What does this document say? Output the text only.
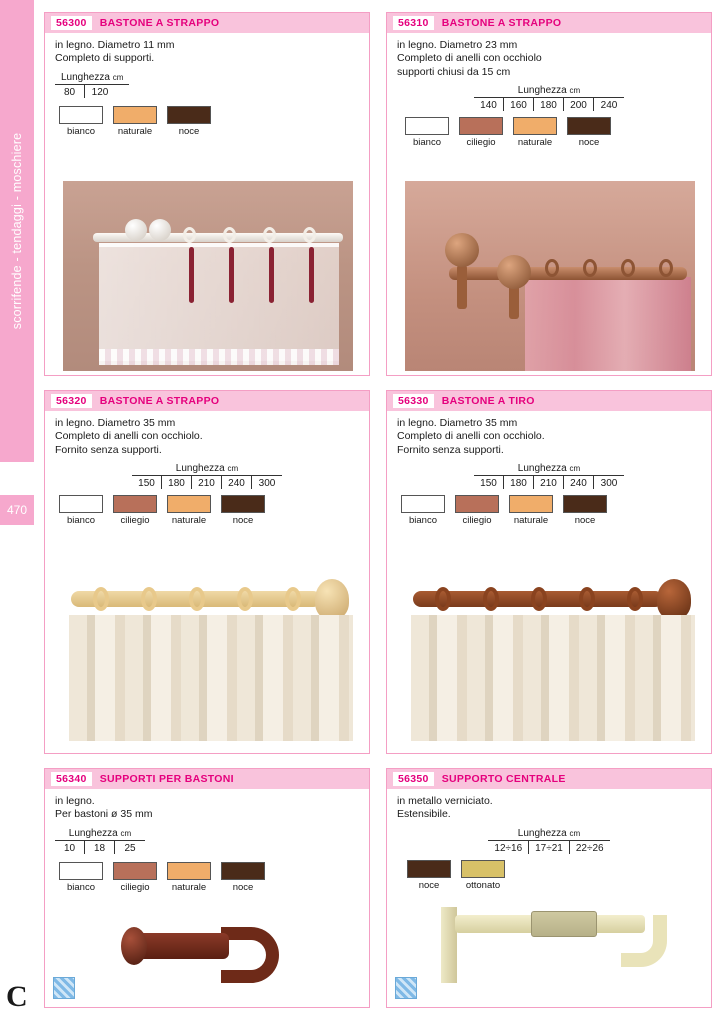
scorrifende - tendaggi - moschiere
470
C
56300	BASTONE A STRAPPO
in legno. Diametro 11 mm
Completo di supporti.
Lunghezza cm
80	120
bianco	naturale	noce
56310	BASTONE A STRAPPO
in legno. Diametro 23 mm
Completo di anelli con occhiolo
supporti chiusi da 15 cm
Lunghezza cm
140	160	180	200	240
bianco	ciliegio	naturale	noce
56320	BASTONE A STRAPPO
in legno. Diametro 35 mm
Completo di anelli con occhiolo.
Fornito senza supporti.
Lunghezza cm
150	180	210	240	300
bianco	ciliegio	naturale	noce
56330	BASTONE A TIRO
in legno. Diametro 35 mm
Completo di anelli con occhiolo.
Fornito senza supporti.
Lunghezza cm
150	180	210	240	300
bianco	ciliegio	naturale	noce
56340	SUPPORTI PER BASTONI
in legno.
Per bastoni ø 35 mm
Lunghezza cm
10	18	25
bianco	ciliegio	naturale	noce
56350	SUPPORTO CENTRALE
in metallo verniciato.
Estensibile.
Lunghezza cm
12÷16	17÷21	22÷26
noce	ottonato
